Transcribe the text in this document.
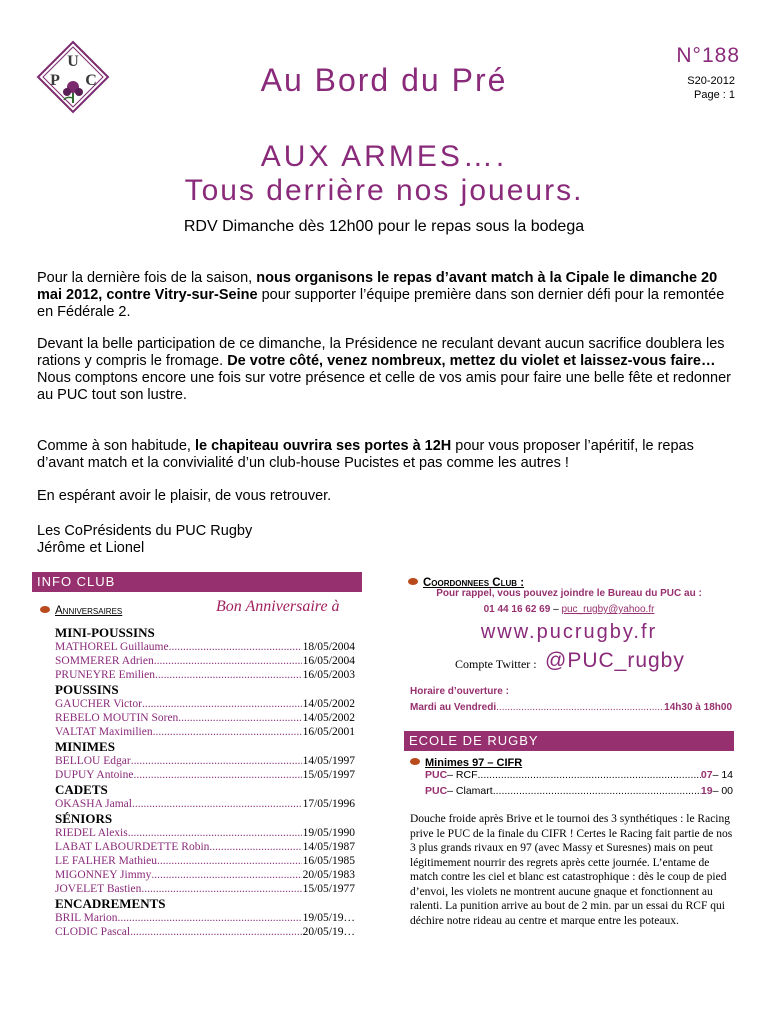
U
P C	Au Bord du Pré
N°188
S20-2012
Page : 1
AUX ARMES….
Tous derrière nos joueurs.
RDV Dimanche dès 12h00 pour le repas sous la bodega
Pour la dernière fois de la saison, nous organisons le repas d’avant match à la Cipale le dimanche 20 mai 2012, contre Vitry-sur-Seine pour supporter l’équipe première dans son dernier défi pour la remontée en Fédérale 2.
Devant la belle participation de ce dimanche, la Présidence ne reculant devant aucun sacrifice doublera les rations y compris le fromage. De votre côté, venez nombreux, mettez du violet et laissez-vous faire…
Nous comptons encore une fois sur votre présence et celle de vos amis pour faire une belle fête et redonner au PUC tout son lustre.
Comme à son habitude, le chapiteau ouvrira ses portes à 12H pour vous proposer l’apéritif, le repas d’avant match et la convivialité d’un club-house Pucistes et pas comme les autres !
En espérant avoir le plaisir, de vous retrouver.
Les CoPrésidents du PUC Rugby
Jérôme et Lionel
INFO CLUB
Anniversaires	Bon Anniversaire à
MINI-POUSSINS
MATHOREL Guillaume .....	18/05/2004
SOMMERER Adrien .....	16/05/2004
PRUNEYRE Emilien .....	16/05/2003
POUSSINS
GAUCHER Victor .....	14/05/2002
REBELO MOUTIN Soren .....	14/05/2002
VALTAT Maximilien .....	16/05/2001
MINIMES
BELLOU Edgar .....	14/05/1997
DUPUY Antoine .....	15/05/1997
CADETS
OKASHA Jamal .....	17/05/1996
SÉNIORS
RIEDEL Alexis .....	19/05/1990
LABAT LABOURDETTE Robin .....	14/05/1987
LE FALHER Mathieu .....	16/05/1985
MIGONNEY Jimmy .....	20/05/1983
JOVELET Bastien .....	15/05/1977
ENCADREMENTS
BRIL Marion .....	19/05/19…
CLODIC Pascal .....	20/05/19…
Coordonnees Club :
Pour rappel, vous pouvez joindre le Bureau du PUC au :
01 44 16 62 69 – puc_rugby@yahoo.fr
www.pucrugby.fr
Compte Twitter : @PUC_rugby
Horaire d’ouverture :
Mardi au Vendredi .....	14h30 à 18h00
ECOLE DE RUGBY
Minimes 97 – CIFR
PUC – RCF .....	07 – 14
PUC – Clamart .....	19 – 00
Douche froide après Brive et le tournoi des 3 synthétiques : le Racing prive le PUC de la finale du CIFR ! Certes le Racing fait partie de nos 3 plus grands rivaux en 97 (avec Massy et Suresnes) mais on peut légitimement nourrir des regrets après cette journée. L’entame de match contre les ciel et blanc est catastrophique : dès le coup de pied d’envoi, les violets ne montrent aucune gnaque et fonctionnent au ralenti. La punition arrive au bout de 2 min. par un essai du RCF qui déchire notre rideau au centre et marque entre les poteaux.
